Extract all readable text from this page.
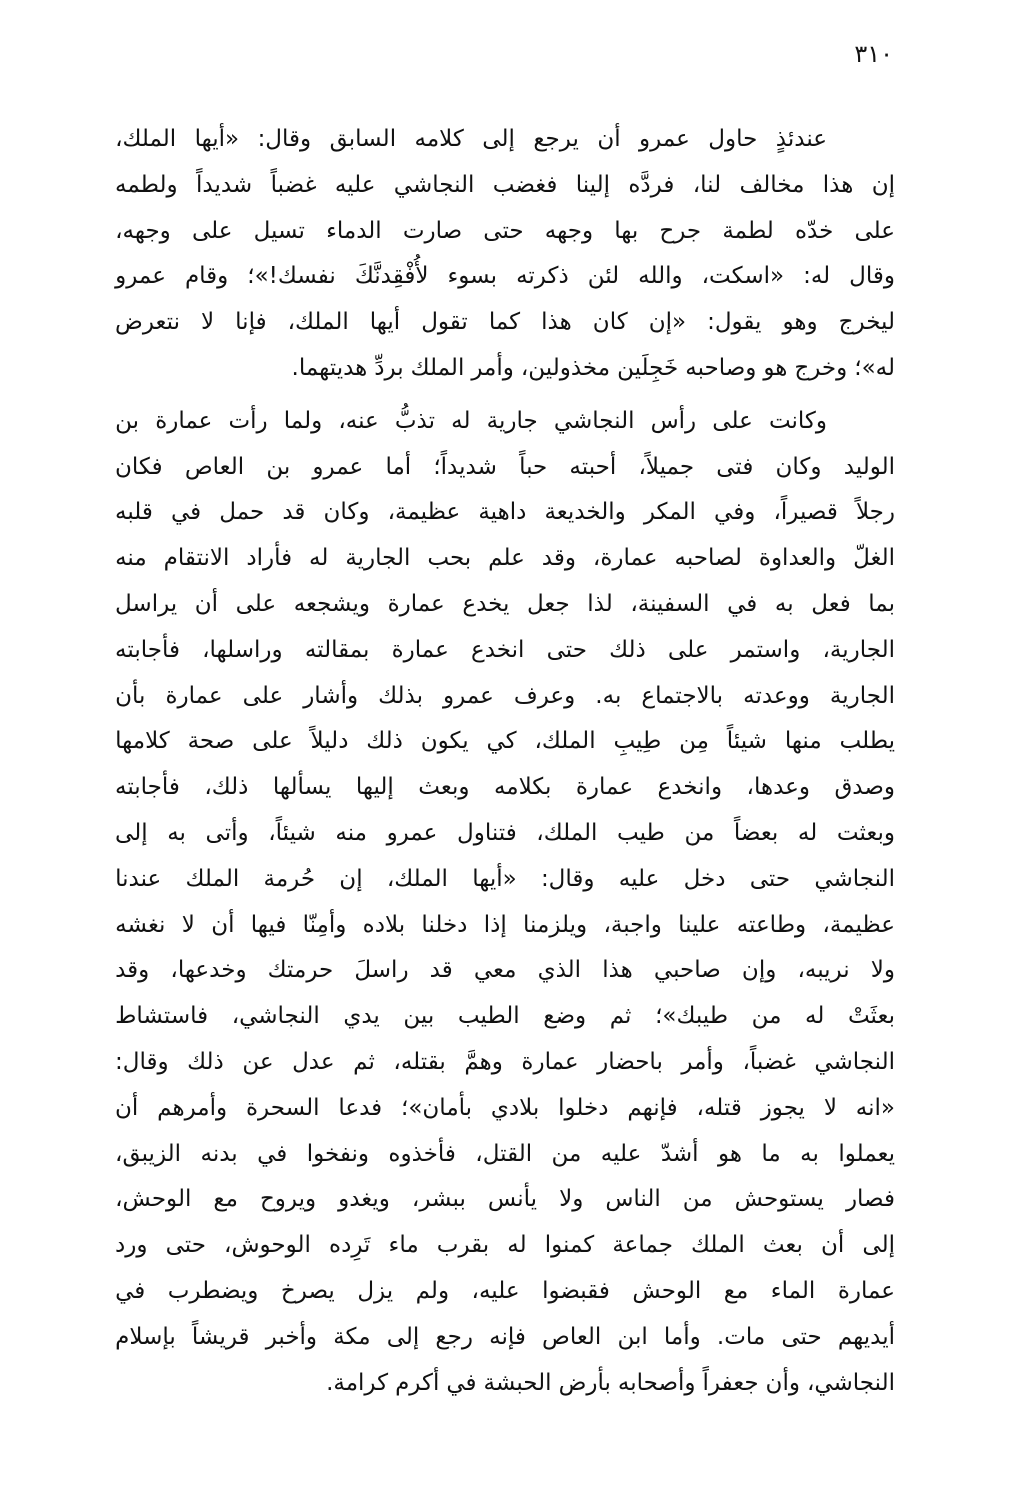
٣١٠
عندئذٍ
حاول
عمرو
أن
يرجع
إلى
كلامه
السابق
وقال:
«أيها
الملك،
إن
هذا
مخالف
لنا،
فردَّه
إلينا
فغضب
النجاشي
عليه
غضباً
شديداً
ولطمه
على
خدّه
لطمة
جرح
بها
وجهه
حتى
صارت
الدماء
تسيل
على
وجهه،
وقال
له:
«اسكت،
والله
لئن
ذكرته
بسوء
لأُفْقِدنَّكَ
نفسك!»؛
وقام
عمرو
ليخرج
وهو
يقول:
«إن
كان
هذا
كما
تقول
أيها
الملك،
فإنا
لا
نتعرض
له»؛
وخرج
هو
وصاحبه
خَجِلَين
مخذولين،
وأمر
الملك
بردِّ
هديتهما.
وكانت
على
رأس
النجاشي
جارية
له
تذبُّ
عنه،
ولما
رأت
عمارة
بن
الوليد
وكان
فتى
جميلاً،
أحبته
حباً
شديداً؛
أما
عمرو
بن
العاص
فكان
رجلاً
قصيراً،
وفي
المكر
والخديعة
داهية
عظيمة،
وكان
قد
حمل
في
قلبه
الغلّ
والعداوة
لصاحبه
عمارة،
وقد
علم
بحب
الجارية
له
فأراد
الانتقام
منه
بما
فعل
به
في
السفينة،
لذا
جعل
يخدع
عمارة
ويشجعه
على
أن
يراسل
الجارية،
واستمر
على
ذلك
حتى
انخدع
عمارة
بمقالته
وراسلها،
فأجابته
الجارية
ووعدته
بالاجتماع
به.
وعرف
عمرو
بذلك
وأشار
على
عمارة
بأن
يطلب
منها
شيئاً
مِن
طِيبِ
الملك،
كي
يكون
ذلك
دليلاً
على
صحة
كلامها
وصدق
وعدها،
وانخدع
عمارة
بكلامه
وبعث
إليها
يسألها
ذلك،
فأجابته
وبعثت
له
بعضاً
من
طيب
الملك،
فتناول
عمرو
منه
شيئاً،
وأتى
به
إلى
النجاشي
حتى
دخل
عليه
وقال:
«أيها
الملك،
إن
حُرمة
الملك
عندنا
عظيمة،
وطاعته
علينا
واجبة،
ويلزمنا
إذا
دخلنا
بلاده
وأمِنّا
فيها
أن
لا
نغشه
ولا
نريبه،
وإن
صاحبي
هذا
الذي
معي
قد
راسلَ
حرمتك
وخدعها،
وقد
بعثَتْ
له
من
طيبك»؛
ثم
وضع
الطيب
بين
يدي
النجاشي،
فاستشاط
النجاشي
غضباً،
وأمر
باحضار
عمارة
وهمَّ
بقتله،
ثم
عدل
عن
ذلك
وقال:
«انه
لا
يجوز
قتله،
فإنهم
دخلوا
بلادي
بأمان»؛
فدعا
السحرة
وأمرهم
أن
يعملوا
به
ما
هو
أشدّ
عليه
من
القتل،
فأخذوه
ونفخوا
في
بدنه
الزيبق،
فصار
يستوحش
من
الناس
ولا
يأنس
ببشر،
ويغدو
ويروح
مع
الوحش،
إلى
أن
بعث
الملك
جماعة
كمنوا
له
بقرب
ماء
تَرِده
الوحوش،
حتى
ورد
عمارة
الماء
مع
الوحش
فقبضوا
عليه،
ولم
يزل
يصرخ
ويضطرب
في
أيديهم
حتى
مات.
وأما
ابن
العاص
فإنه
رجع
إلى
مكة
وأخبر
قريشاً
بإسلام
النجاشي،
وأن
جعفراً
وأصحابه
بأرض
الحبشة
في
أكرم
كرامة.
